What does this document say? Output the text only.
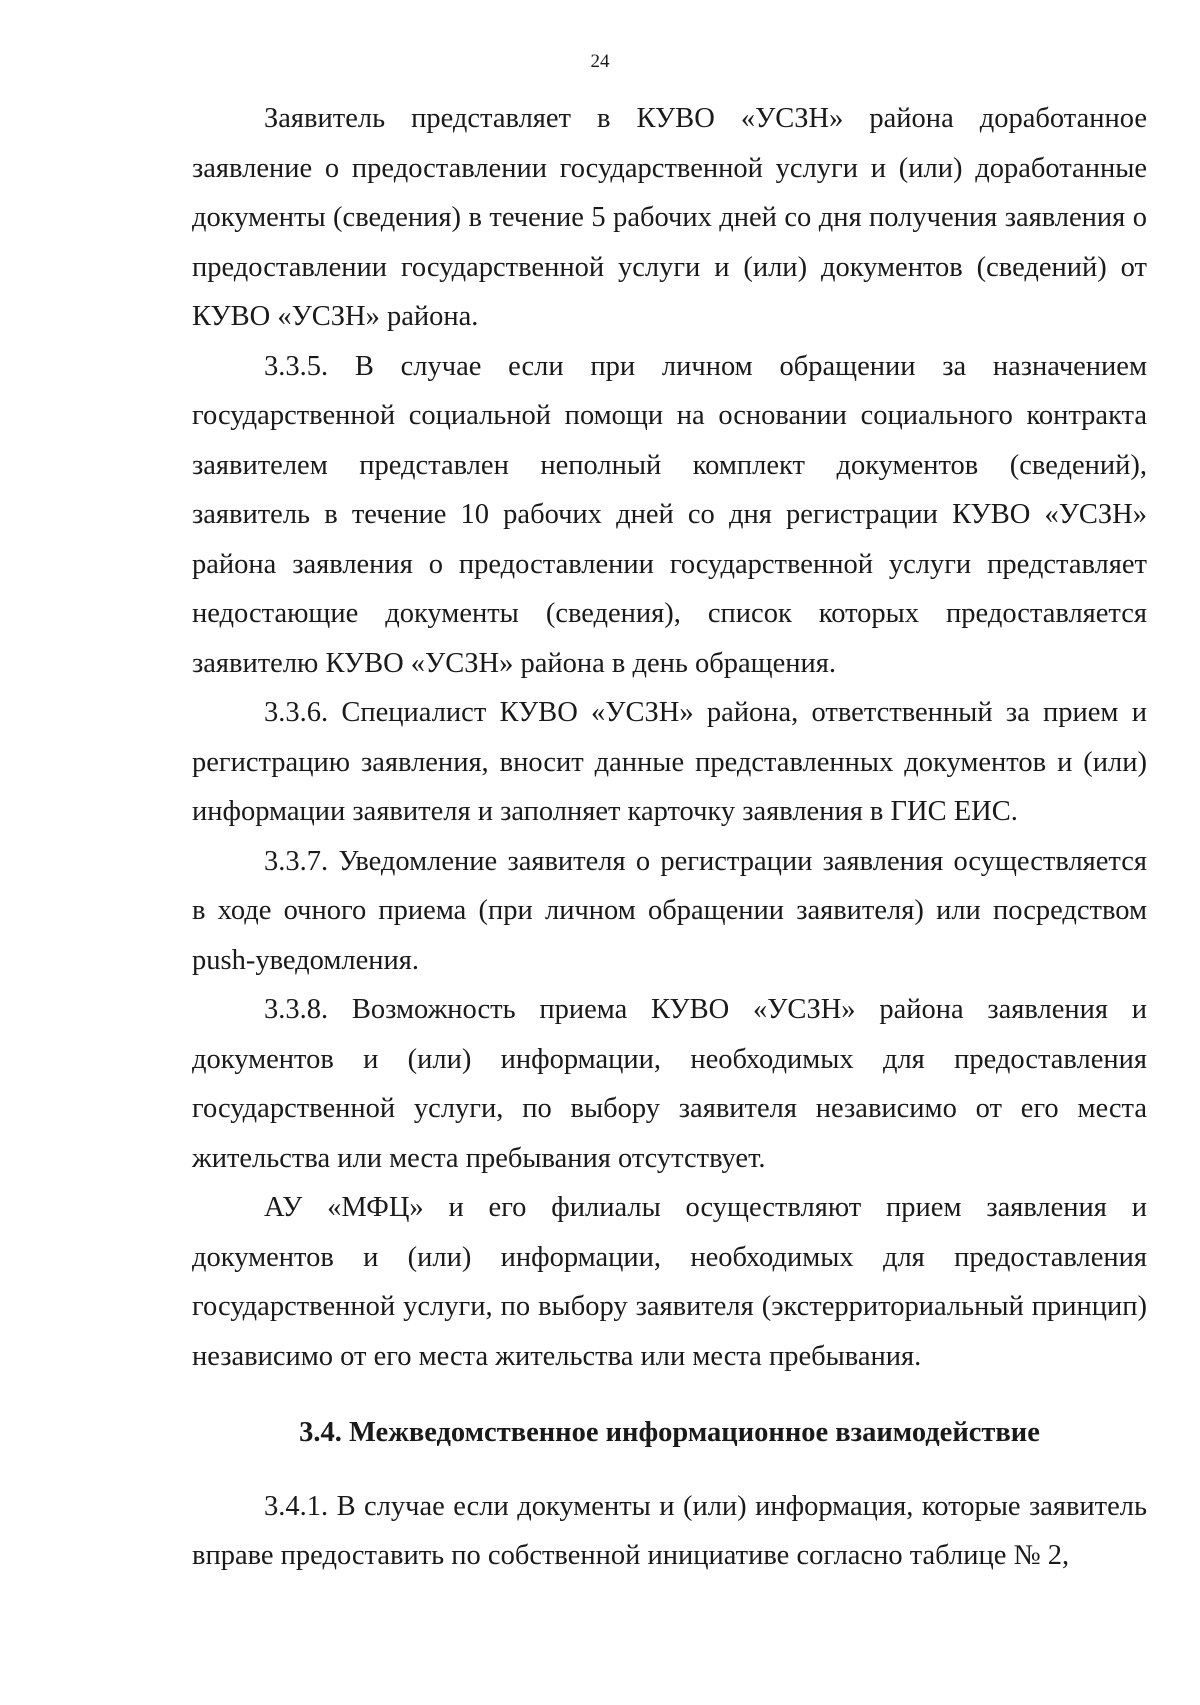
24

Заявитель представляет в КУВО «УСЗН» района доработанное заявление о предоставлении государственной услуги и (или) доработанные документы (сведения) в течение 5 рабочих дней со дня получения заявления о предоставлении государственной услуги и (или) документов (сведений) от КУВО «УСЗН» района.

3.3.5. В случае если при личном обращении за назначением государственной социальной помощи на основании социального контракта заявителем представлен неполный комплект документов (сведений), заявитель в течение 10 рабочих дней со дня регистрации КУВО «УСЗН» района заявления о предоставлении государственной услуги представляет недостающие документы (сведения), список которых предоставляется заявителю КУВО «УСЗН» района в день обращения.

3.3.6. Специалист КУВО «УСЗН» района, ответственный за прием и регистрацию заявления, вносит данные представленных документов и (или) информации заявителя и заполняет карточку заявления в ГИС ЕИС.

3.3.7. Уведомление заявителя о регистрации заявления осуществляется в ходе очного приема (при личном обращении заявителя) или посредством push-уведомления.

3.3.8. Возможность приема КУВО «УСЗН» района заявления и документов и (или) информации, необходимых для предоставления государственной услуги, по выбору заявителя независимо от его места жительства или места пребывания отсутствует.

АУ «МФЦ» и его филиалы осуществляют прием заявления и документов и (или) информации, необходимых для предоставления государственной услуги, по выбору заявителя (экстерриториальный принцип) независимо от его места жительства или места пребывания.

3.4. Межведомственное информационное взаимодействие

3.4.1. В случае если документы и (или) информация, которые заявитель вправе предоставить по собственной инициативе согласно таблице № 2,
